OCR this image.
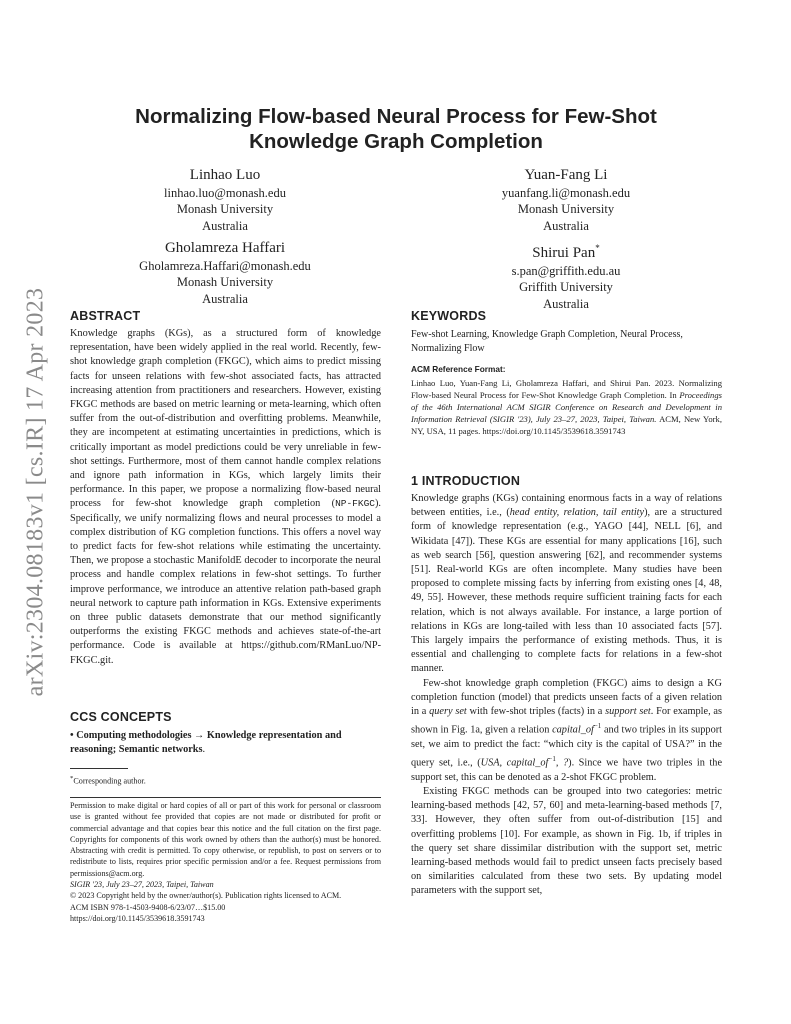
arXiv:2304.08183v1 [cs.IR] 17 Apr 2023
Normalizing Flow-based Neural Process for Few-Shot
Knowledge Graph Completion
Linhao Luo
linhao.luo@monash.edu
Monash University
Australia
Yuan-Fang Li
yuanfang.li@monash.edu
Monash University
Australia
Gholamreza Haffari
Gholamreza.Haffari@monash.edu
Monash University
Australia
Shirui Pan*
s.pan@griffith.edu.au
Griffith University
Australia
ABSTRACT

Knowledge graphs (KGs), as a structured form of knowledge representation, have been widely applied in the real world. Recently, few-shot knowledge graph completion (FKGC), which aims to predict missing facts for unseen relations with few-shot associated facts, has attracted increasing attention from practitioners and researchers. However, existing FKGC methods are based on metric learning or meta-learning, which often suffer from the out-of-distribution and overfitting problems. Meanwhile, they are incompetent at estimating uncertainties in predictions, which is critically important as model predictions could be very unreliable in few-shot settings. Furthermore, most of them cannot handle complex relations and ignore path information in KGs, which largely limits their performance. In this paper, we propose a normalizing flow-based neural process for few-shot knowledge graph completion (NP-FKGC). Specifically, we unify normalizing flows and neural processes to model a complex distribution of KG completion functions. This offers a novel way to predict facts for few-shot relations while estimating the uncertainty. Then, we propose a stochastic ManifoldE decoder to incorporate the neural process and handle complex relations in few-shot settings. To further improve performance, we introduce an attentive relation path-based graph neural network to capture path information in KGs. Extensive experiments on three public datasets demonstrate that our method significantly outperforms the existing FKGC methods and achieves state-of-the-art performance. Code is available at https://github.com/RManLuo/NP-FKGC.git.

CCS CONCEPTS
• Computing methodologies → Knowledge representation and reasoning; Semantic networks.
*Corresponding author.
Permission to make digital or hard copies of all or part of this work for personal or classroom use is granted without fee provided that copies are not made or distributed for profit or commercial advantage and that copies bear this notice and the full citation on the first page. Copyrights for components of this work owned by others than the author(s) must be honored. Abstracting with credit is permitted. To copy otherwise, or republish, to post on servers or to redistribute to lists, requires prior specific permission and/or a fee. Request permissions from permissions@acm.org.
SIGIR '23, July 23–27, 2023, Taipei, Taiwan
© 2023 Copyright held by the owner/author(s). Publication rights licensed to ACM.
ACM ISBN 978-1-4503-9408-6/23/07…$15.00
https://doi.org/10.1145/3539618.3591743
KEYWORDS
Few-shot Learning, Knowledge Graph Completion, Neural Process, Normalizing Flow
ACM Reference Format:
Linhao Luo, Yuan-Fang Li, Gholamreza Haffari, and Shirui Pan. 2023. Normalizing Flow-based Neural Process for Few-Shot Knowledge Graph Completion. In Proceedings of the 46th International ACM SIGIR Conference on Research and Development in Information Retrieval (SIGIR '23), July 23–27, 2023, Taipei, Taiwan. ACM, New York, NY, USA, 11 pages. https://doi.org/10.1145/3539618.3591743
1 INTRODUCTION

Knowledge graphs (KGs) containing enormous facts in a way of relations between entities, i.e., (head entity, relation, tail entity), are a structured form of knowledge representation (e.g., YAGO [44], NELL [6], and Wikidata [47]). These KGs are essential for many applications [16], such as web search [56], question answering [62], and recommender systems [51]. Real-world KGs are often incomplete. Many studies have been proposed to complete missing facts by inferring from existing ones [4, 48, 49, 55]. However, these methods require sufficient training facts for each relation, which is not always available. For instance, a large portion of relations in KGs are long-tailed with less than 10 associated facts [57]. This largely impairs the performance of existing methods. Thus, it is essential and challenging to complete facts for relations in a few-shot manner.

Few-shot knowledge graph completion (FKGC) aims to design a KG completion function (model) that predicts unseen facts of a given relation in a query set with few-shot triples (facts) in a support set. For example, as shown in Fig. 1a, given a relation $capital\_of^{-1}$ and two triples in its support set, we aim to predict the fact: “which city is the capital of USA?” in the query set, i.e., (USA, $capital\_of^{-1}$, ?). Since we have two triples in the support set, this can be denoted as a 2-shot FKGC problem.

Existing FKGC methods can be grouped into two categories: metric learning-based methods [42, 57, 60] and meta-learning-based methods [7, 33]. However, they often suffer from out-of-distribution [15] and overfitting problems [10]. For example, as shown in Fig. 1b, if triples in the query set share dissimilar distribution with the support set, metric learning-based methods would fail to predict unseen facts precisely based on similarities calculated from these two sets. By updating model parameters with the support set,
